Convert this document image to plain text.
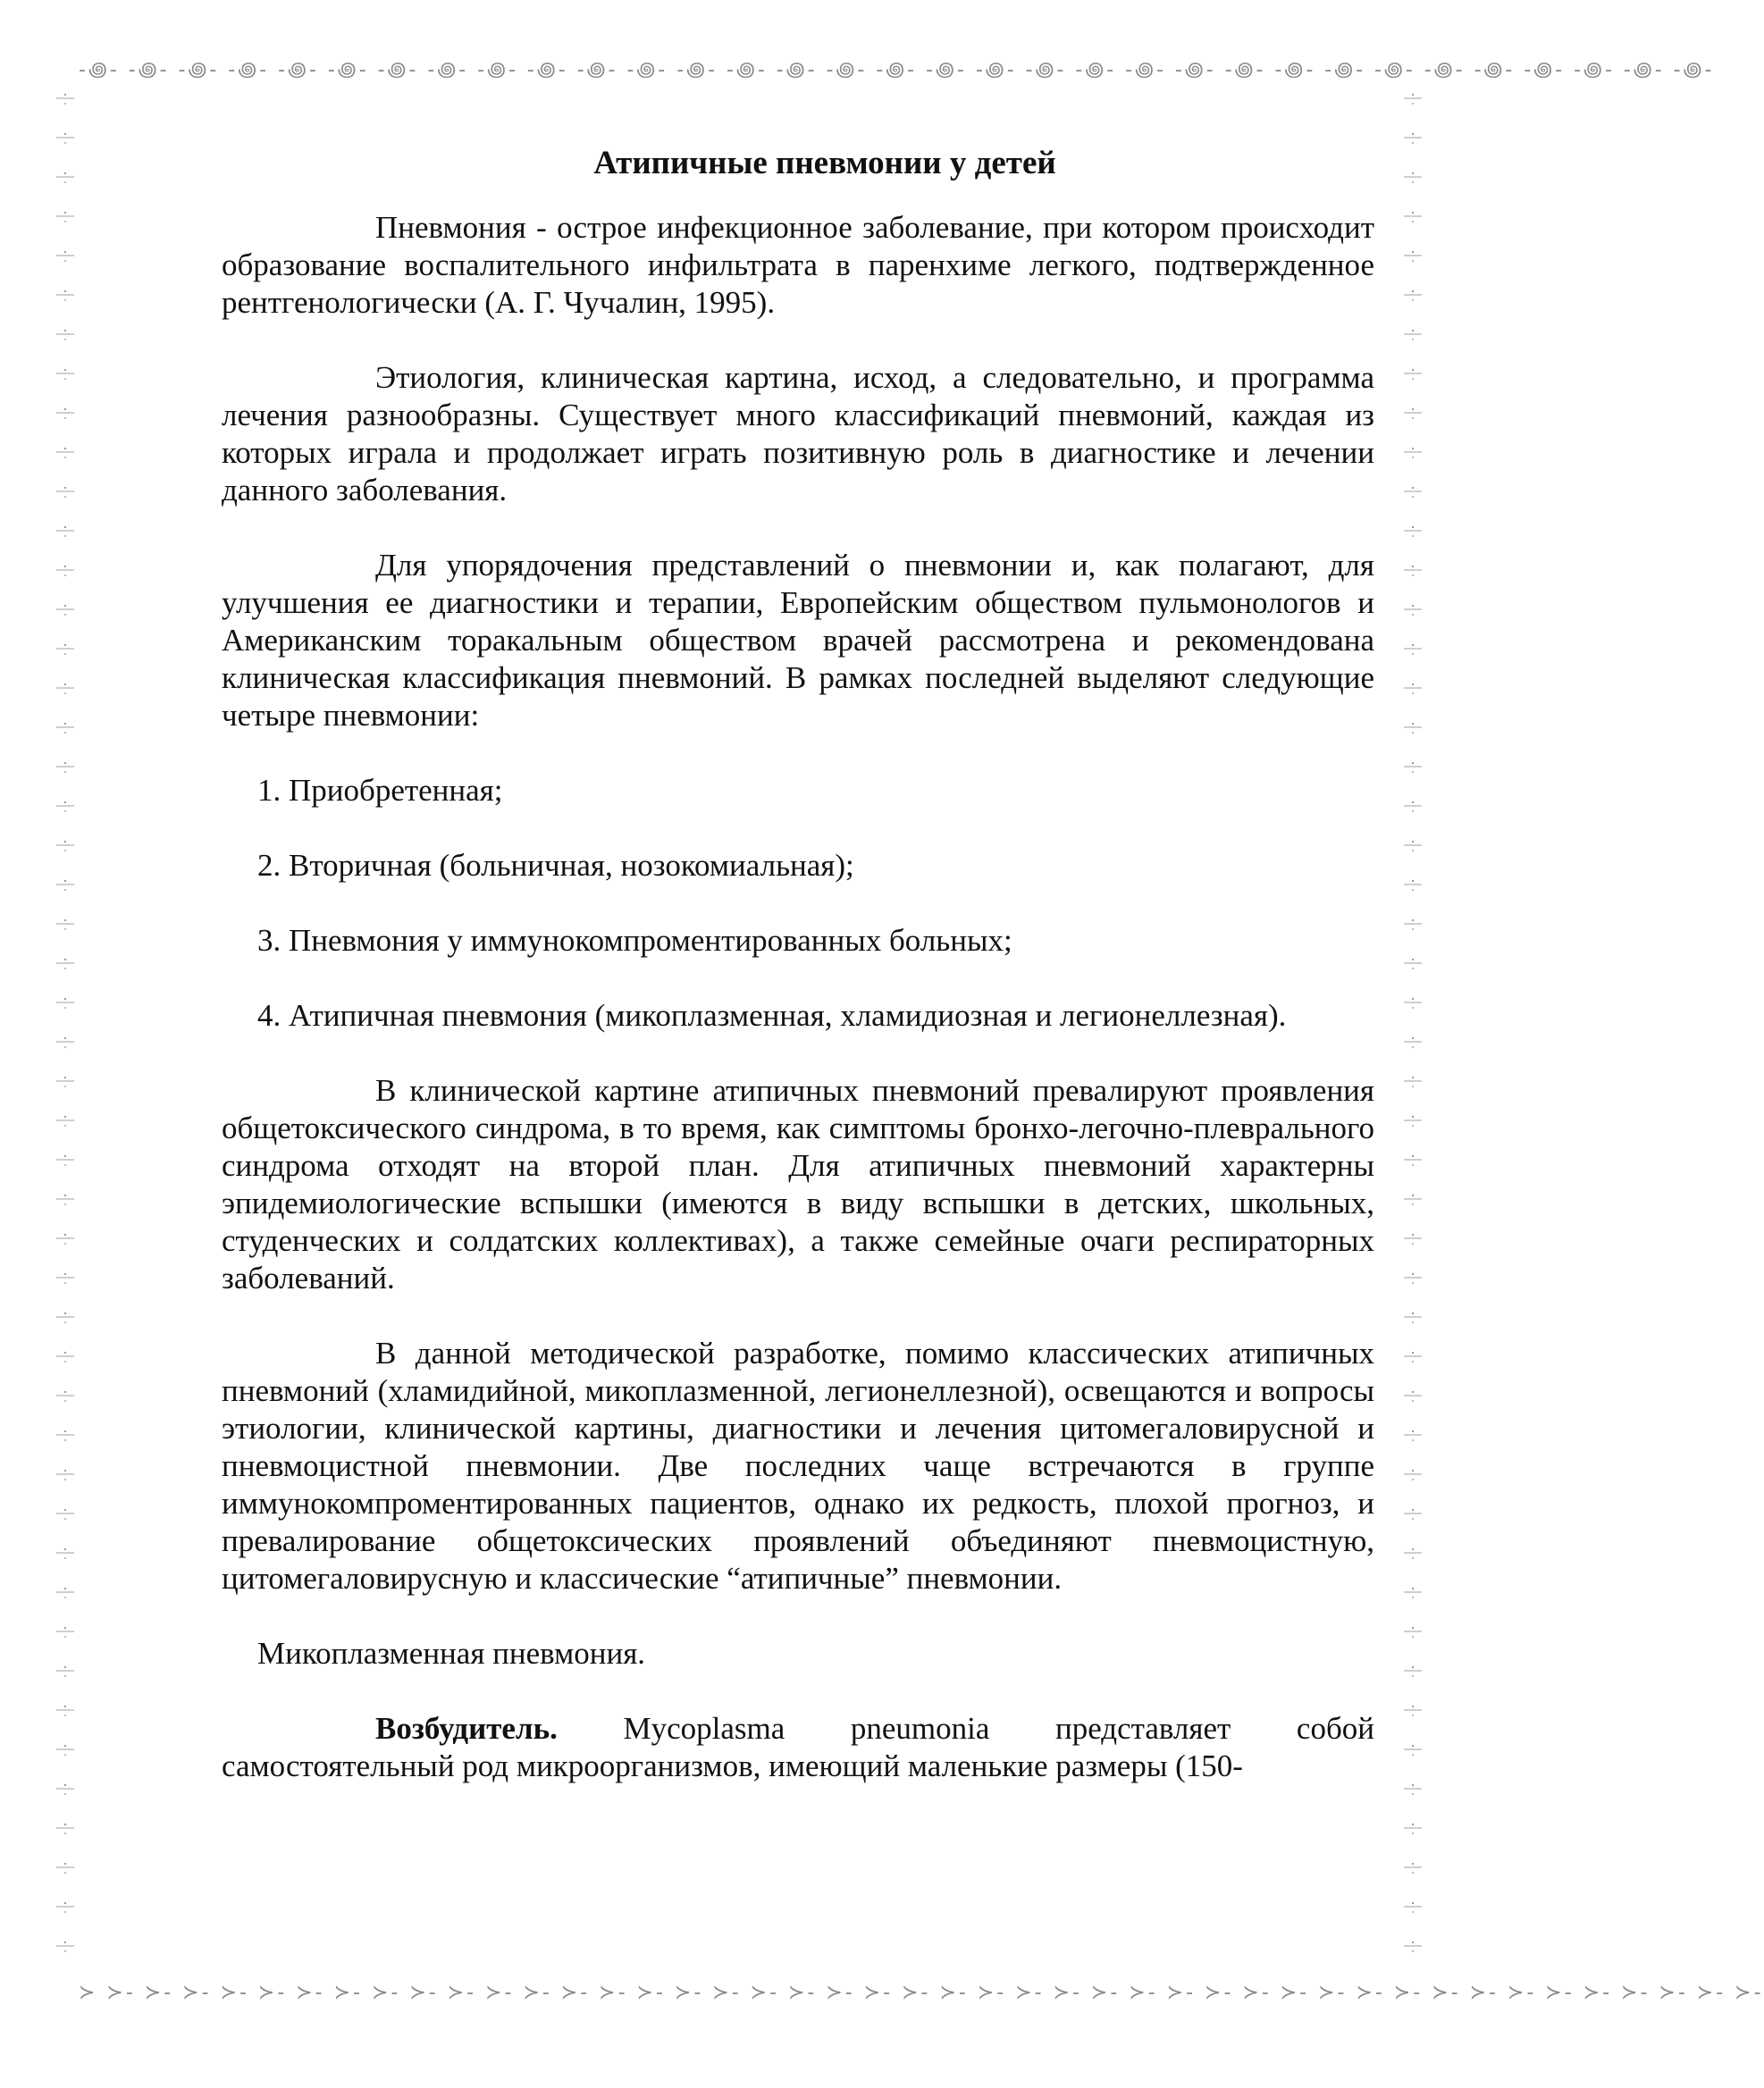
-꩜- -꩜- -꩜- -꩜- -꩜- -꩜- -꩜- -꩜- -꩜- -꩜- -꩜- -꩜- -꩜- -꩜- -꩜- -꩜- -꩜- -꩜- -꩜- -꩜- -꩜- -꩜- -꩜- -꩜- -꩜- -꩜- -꩜- -꩜- -꩜- -꩜- -꩜- -꩜- -꩜-
≻ ≻- ≻- ≻- ≻- ≻- ≻- ≻- ≻- ≻- ≻- ≻- ≻- ≻- ≻- ≻- ≻- ≻- ≻- ≻- ≻- ≻- ≻- ≻- ≻- ≻- ≻- ≻- ≻- ≻- ≻- ≻- ≻- ≻- ≻- ≻- ≻- ≻- ≻- ≻- ≻- ≻- ≻- ≻- ≻-
Атипичные пневмонии у детей
Пневмония - острое инфекционное заболевание, при котором происходит образование воспалительного инфильтрата в паренхиме легкого, подтвержденное рентгенологически (А. Г. Чучалин, 1995).
Этиология, клиническая картина, исход, а следовательно, и программа лечения разнообразны. Существует много классификаций пневмоний, каждая из которых играла и продолжает играть позитивную роль в диагностике и лечении данного заболевания.
Для упорядочения представлений о пневмонии и, как полагают, для улучшения ее диагностики и терапии, Европейским обществом пульмонологов и Американским торакальным обществом врачей рассмотрена и рекомендована клиническая классификация пневмоний. В рамках последней выделяют следующие четыре пневмонии:
1. Приобретенная;
2. Вторичная (больничная, нозокомиальная);
3. Пневмония у иммунокомпроментированных больных;
4. Атипичная пневмония (микоплазменная, хламидиозная и легионеллезная).
В клинической картине атипичных пневмоний превалируют проявления общетоксического синдрома, в то время, как симптомы бронхо-легочно-плеврального синдрома отходят на второй план. Для атипичных пневмоний характерны эпидемиологические вспышки (имеются в виду вспышки в детских, школьных, студенческих и солдатских коллективах), а также семейные очаги респираторных заболеваний.
В данной методической разработке, помимо классических атипичных пневмоний (хламидийной, микоплазменной, легионеллезной), освещаются и вопросы этиологии, клинической картины, диагностики и лечения цитомегаловирусной и пневмоцистной пневмонии. Две последних чаще встречаются в группе иммунокомпроментированных пациентов, однако их редкость, плохой прогноз, и превалирование общетоксических проявлений объединяют пневмоцистную, цитомегаловирусную и классические “атипичные” пневмонии.
Микоплазменная пневмония.
Возбудитель. Mycoplasma pneumonia представляет собой самостоятельный род микроорганизмов, имеющий маленькие размеры (150-
